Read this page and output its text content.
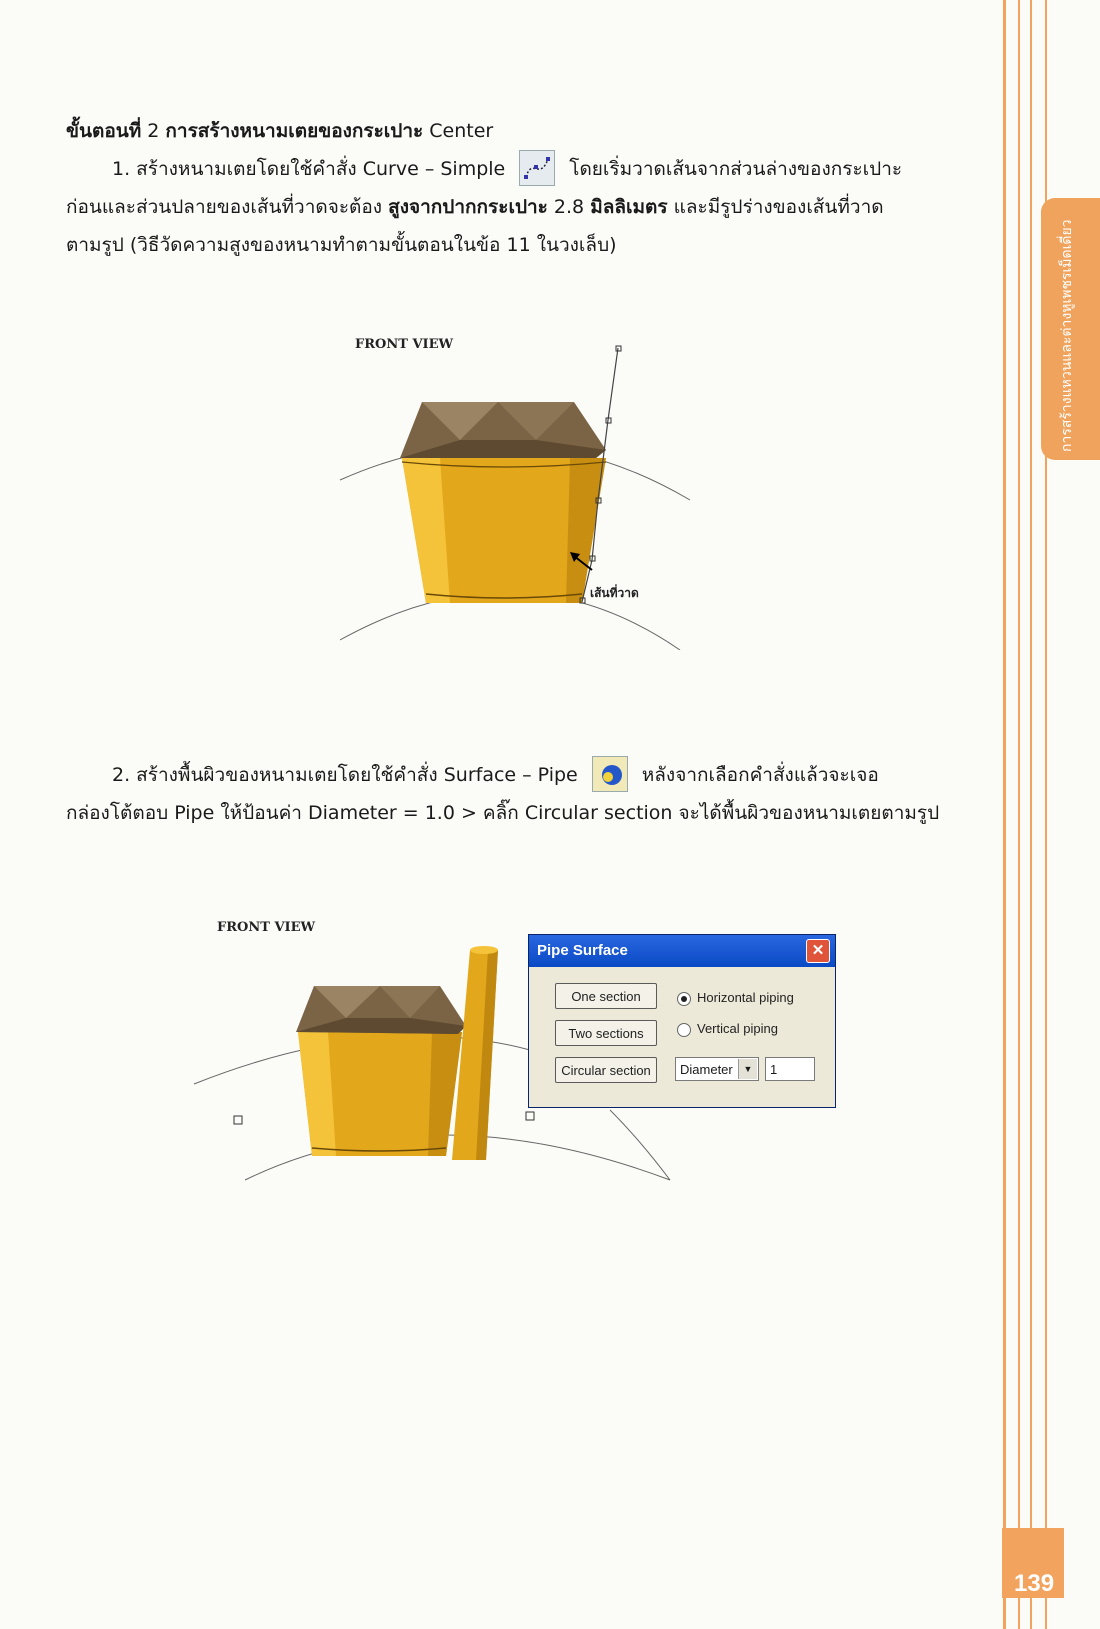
การสร้างแหวนและต่างหูเพชรเม็ดเดี่ยว
139
ขั้นตอนที่ 2 การสร้างหนามเตยของกระเปาะ Center
1. สร้างหนามเตยโดยใช้คำสั่ง Curve – Simple	โดยเริ่มวาดเส้นจากส่วนล่างของกระเปาะ
ก่อนและส่วนปลายของเส้นที่วาดจะต้อง สูงจากปากกระเปาะ 2.8 มิลลิเมตร และมีรูปร่างของเส้นที่วาด
ตามรูป (วิธีวัดความสูงของหนามทำตามขั้นตอนในข้อ 11 ในวงเล็บ)
FRONT VIEW
เส้นที่วาด
2. สร้างพื้นผิวของหนามเตยโดยใช้คำสั่ง Surface – Pipe	หลังจากเลือกคำสั่งแล้วจะเจอ
กล่องโต้ตอบ Pipe ให้ป้อนค่า Diameter = 1.0 > คลิ๊ก Circular section จะได้พื้นผิวของหนามเตยตามรูป
FRONT VIEW
Pipe Surface	✕
One section
Two sections
Circular section
Horizontal piping
Vertical piping
Diameter	▼	1
